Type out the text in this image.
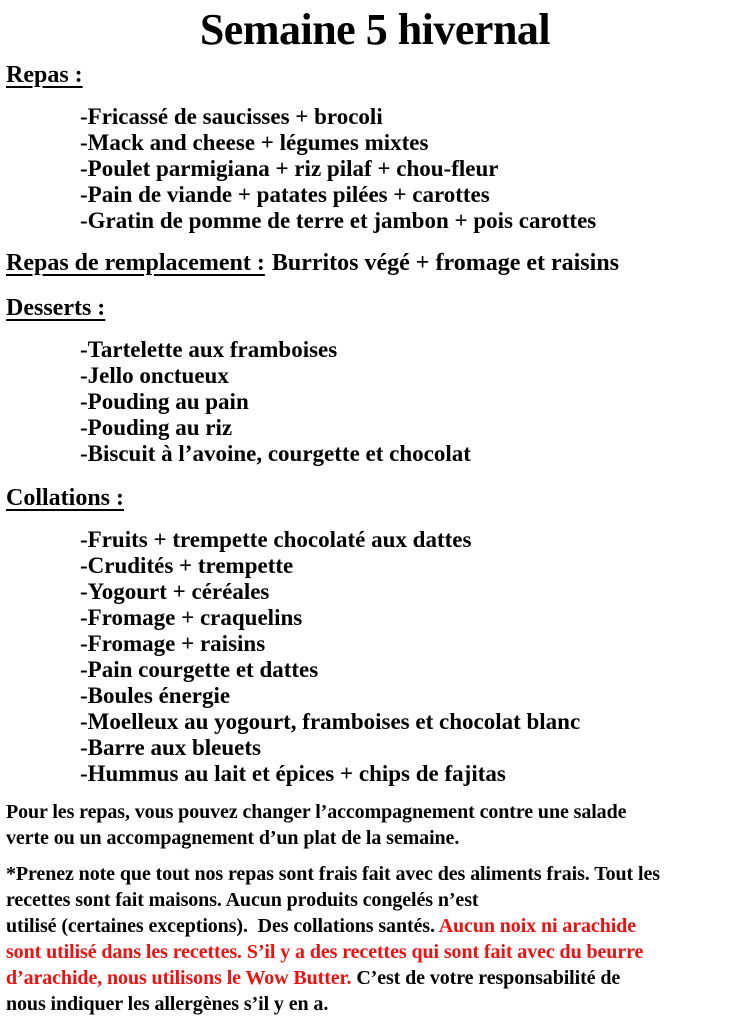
Semaine 5 hivernal
Repas :
-Fricassé de saucisses + brocoli
-Mack and cheese + légumes mixtes
-Poulet parmigiana + riz pilaf + chou-fleur
-Pain de viande + patates pilées + carottes
-Gratin de pomme de terre et jambon + pois carottes
Repas de remplacement : Burritos végé + fromage et raisins
Desserts :
-Tartelette aux framboises
-Jello onctueux
-Pouding au pain
-Pouding au riz
-Biscuit à l’avoine, courgette et chocolat
Collations :
-Fruits + trempette chocolaté aux dattes
-Crudités + trempette
-Yogourt + céréales
-Fromage + craquelins
-Fromage + raisins
-Pain courgette et dattes
-Boules énergie
-Moelleux au yogourt, framboises et chocolat blanc
-Barre aux bleuets
-Hummus au lait et épices + chips de fajitas

Pour les repas, vous pouvez changer l’accompagnement contre une salade
verte ou un accompagnement d’un plat de la semaine.

*Prenez note que tout nos repas sont frais fait avec des aliments frais. Tout les
recettes sont fait maisons. Aucun produits congelés n’est
utilisé (certaines exceptions).  Des collations santés. Aucun noix ni arachide
sont utilisé dans les recettes. S’il y a des recettes qui sont fait avec du beurre
d’arachide, nous utilisons le Wow Butter. C’est de votre responsabilité de
nous indiquer les allergènes s’il y en a.
